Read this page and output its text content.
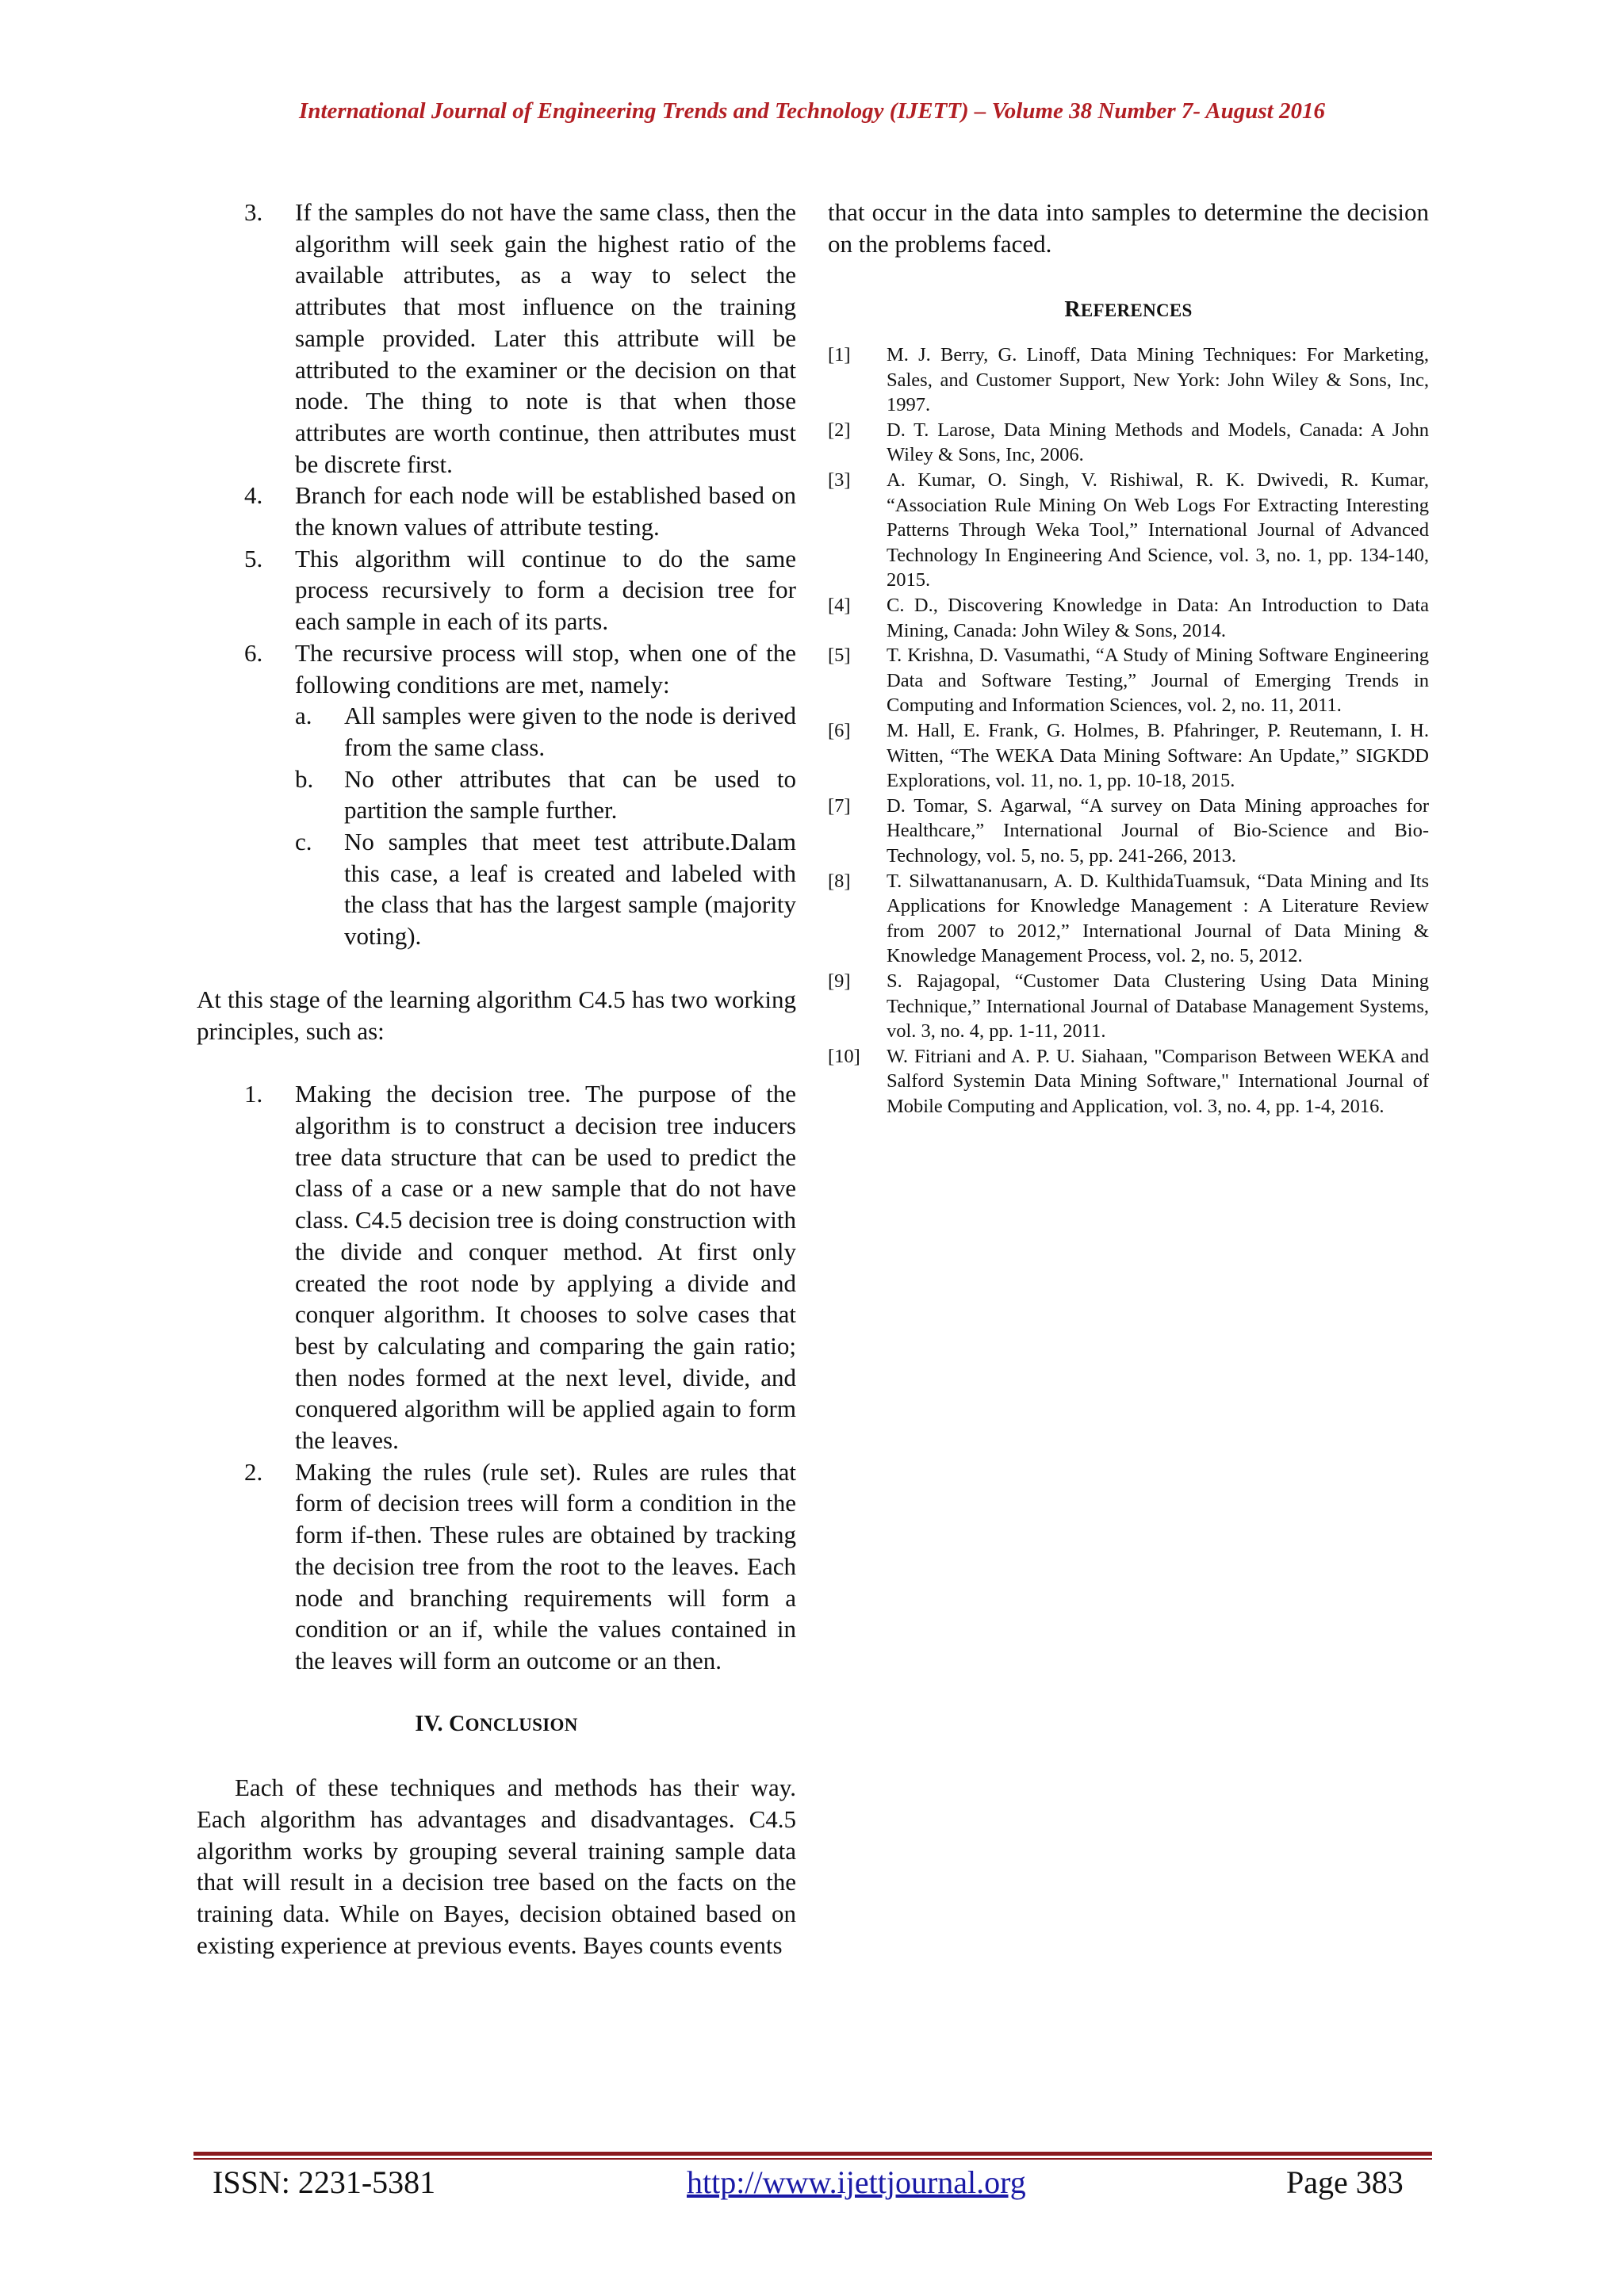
International Journal of Engineering Trends and Technology (IJETT) – Volume 38 Number 7- August 2016
3. If the samples do not have the same class, then the algorithm will seek gain the highest ratio of the available attributes, as a way to select the attributes that most influence on the training sample provided. Later this attribute will be attributed to the examiner or the decision on that node. The thing to note is that when those attributes are worth continue, then attributes must be discrete first.
4. Branch for each node will be established based on the known values of attribute testing.
5. This algorithm will continue to do the same process recursively to form a decision tree for each sample in each of its parts.
6. The recursive process will stop, when one of the following conditions are met, namely:
a. All samples were given to the node is derived from the same class.
b. No other attributes that can be used to partition the sample further.
c. No samples that meet test attribute.Dalam this case, a leaf is created and labeled with the class that has the largest sample (majority voting).

At this stage of the learning algorithm C4.5 has two working principles, such as:

1. Making the decision tree. The purpose of the algorithm is to construct a decision tree inducers tree data structure that can be used to predict the class of a case or a new sample that do not have class. C4.5 decision tree is doing construction with the divide and conquer method. At first only created the root node by applying a divide and conquer algorithm. It chooses to solve cases that best by calculating and comparing the gain ratio; then nodes formed at the next level, divide, and conquered algorithm will be applied again to form the leaves.
2. Making the rules (rule set). Rules are rules that form of decision trees will form a condition in the form if-then. These rules are obtained by tracking the decision tree from the root to the leaves. Each node and branching requirements will form a condition or an if, while the values contained in the leaves will form an outcome or an then.
IV. CONCLUSION

Each of these techniques and methods has their way. Each algorithm has advantages and disadvantages. C4.5 algorithm works by grouping several training sample data that will result in a decision tree based on the facts on the training data. While on Bayes, decision obtained based on existing experience at previous events. Bayes counts events

that occur in the data into samples to determine the decision on the problems faced.

REFERENCES
[1] M. J. Berry, G. Linoff, Data Mining Techniques: For Marketing, Sales, and Customer Support, New York: John Wiley & Sons, Inc, 1997.
[2] D. T. Larose, Data Mining Methods and Models, Canada: A John Wiley & Sons, Inc, 2006.
[3] A. Kumar, O. Singh, V. Rishiwal, R. K. Dwivedi, R. Kumar, “Association Rule Mining On Web Logs For Extracting Interesting Patterns Through Weka Tool,” International Journal of Advanced Technology In Engineering And Science, vol. 3, no. 1, pp. 134-140, 2015.
[4] C. D., Discovering Knowledge in Data: An Introduction to Data Mining, Canada: John Wiley & Sons, 2014.
[5] T. Krishna, D. Vasumathi, “A Study of Mining Software Engineering Data and Software Testing,” Journal of Emerging Trends in Computing and Information Sciences, vol. 2, no. 11, 2011.
[6] M. Hall, E. Frank, G. Holmes, B. Pfahringer, P. Reutemann, I. H. Witten, “The WEKA Data Mining Software: An Update,” SIGKDD Explorations, vol. 11, no. 1, pp. 10-18, 2015.
[7] D. Tomar, S. Agarwal, “A survey on Data Mining approaches for Healthcare,” International Journal of Bio-Science and Bio-Technology, vol. 5, no. 5, pp. 241-266, 2013.
[8] T. Silwattananusarn, A. D. KulthidaTuamsuk, “Data Mining and Its Applications for Knowledge Management : A Literature Review from 2007 to 2012,” International Journal of Data Mining & Knowledge Management Process, vol. 2, no. 5, 2012.
[9] S. Rajagopal, “Customer Data Clustering Using Data Mining Technique,” International Journal of Database Management Systems, vol. 3, no. 4, pp. 1-11, 2011.
[10] W. Fitriani and A. P. U. Siahaan, "Comparison Between WEKA and Salford Systemin Data Mining Software," International Journal of Mobile Computing and Application, vol. 3, no. 4, pp. 1-4, 2016.
ISSN: 2231-5381	http://www.ijettjournal.org	Page 383
